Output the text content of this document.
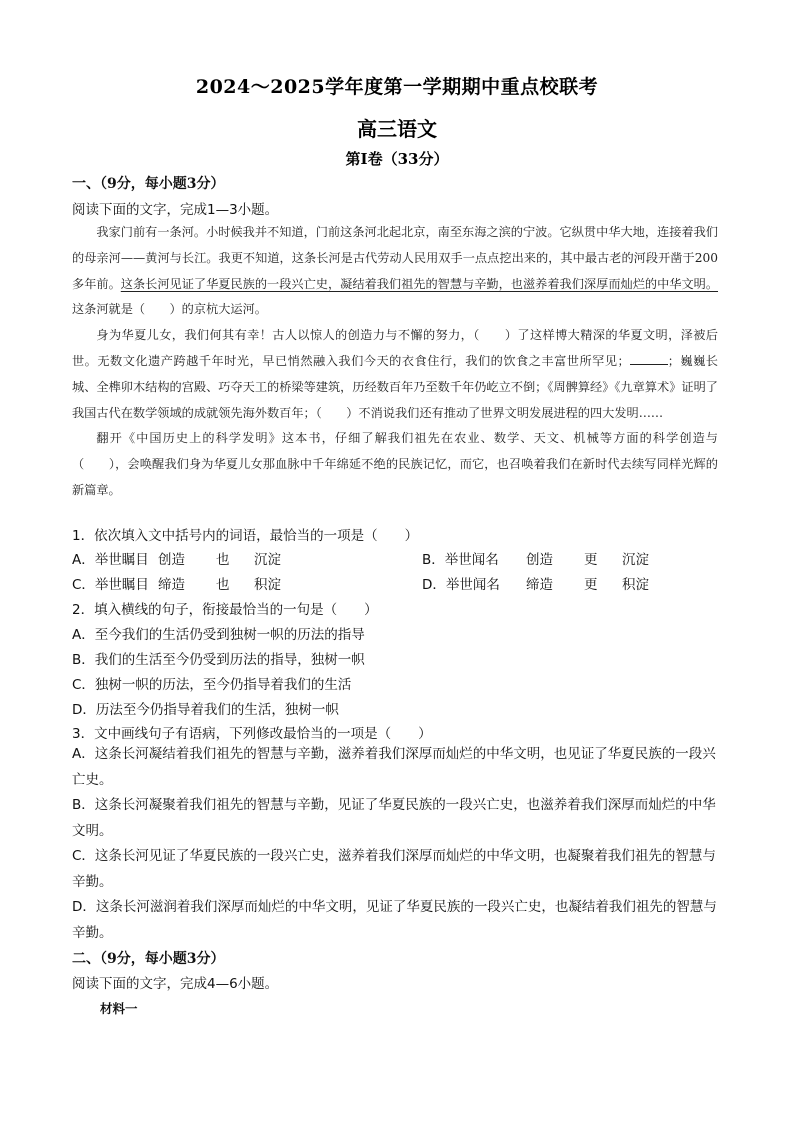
2024～2025学年度第一学期期中重点校联考
高三语文
第Ⅰ卷（33分）
一、（9分，每小题3分）
阅读下面的文字，完成1—3小题。

我家门前有一条河。小时候我并不知道，门前这条河北起北京，南至东海之滨的宁波。它纵贯中华大地，连接着我们的母亲河——黄河与长江。我更不知道，这条长河是古代劳动人民用双手一点点挖出来的，其中最古老的河段开凿于200多年前。这条长河见证了华夏民族的一段兴亡史，凝结着我们祖先的智慧与辛勤，也滋养着我们深厚而灿烂的中华文明。这条河就是（　　）的京杭大运河。

身为华夏儿女，我们何其有幸！古人以惊人的创造力与不懈的努力，（　　）了这样博大精深的华夏文明，泽被后世。无数文化遗产跨越千年时光，早已悄然融入我们今天的衣食住行，我们的饮食之丰富世所罕见；	；巍巍长城、全榫卯木结构的宫殿、巧夺天工的桥梁等建筑，历经数百年乃至数千年仍屹立不倒；《周髀算经》《九章算术》证明了我国古代在数学领域的成就领先海外数百年；（　　）不消说我们还有推动了世界文明发展进程的四大发明……

翻开《中国历史上的科学发明》这本书，仔细了解我们祖先在农业、数学、天文、机械等方面的科学创造与（　　），会唤醒我们身为华夏儿女那血脉中千年绵延不绝的民族记忆，而它，也召唤着我们在新时代去续写同样光辉的新篇章。

1．依次填入文中括号内的词语，最恰当的一项是（　　）
A．举世瞩目 创造 也 沉淀	B．举世闻名 创造 更 沉淀
C．举世瞩目 缔造 也 积淀	D．举世闻名 缔造 更 积淀
2．填入横线的句子，衔接最恰当的一句是（　　）
A．至今我们的生活仍受到独树一帜的历法的指导
B．我们的生活至今仍受到历法的指导，独树一帜
C．独树一帜的历法，至今仍指导着我们的生活
D．历法至今仍指导着我们的生活，独树一帜
3．文中画线句子有语病，下列修改最恰当的一项是（　　）
A．这条长河凝结着我们祖先的智慧与辛勤，滋养着我们深厚而灿烂的中华文明，也见证了华夏民族的一段兴亡史。
B．这条长河凝聚着我们祖先的智慧与辛勤，见证了华夏民族的一段兴亡史，也滋养着我们深厚而灿烂的中华文明。
C．这条长河见证了华夏民族的一段兴亡史，滋养着我们深厚而灿烂的中华文明，也凝聚着我们祖先的智慧与辛勤。
D．这条长河滋润着我们深厚而灿烂的中华文明，见证了华夏民族的一段兴亡史，也凝结着我们祖先的智慧与辛勤。
二、（9分，每小题3分）
阅读下面的文字，完成4—6小题。
材料一
